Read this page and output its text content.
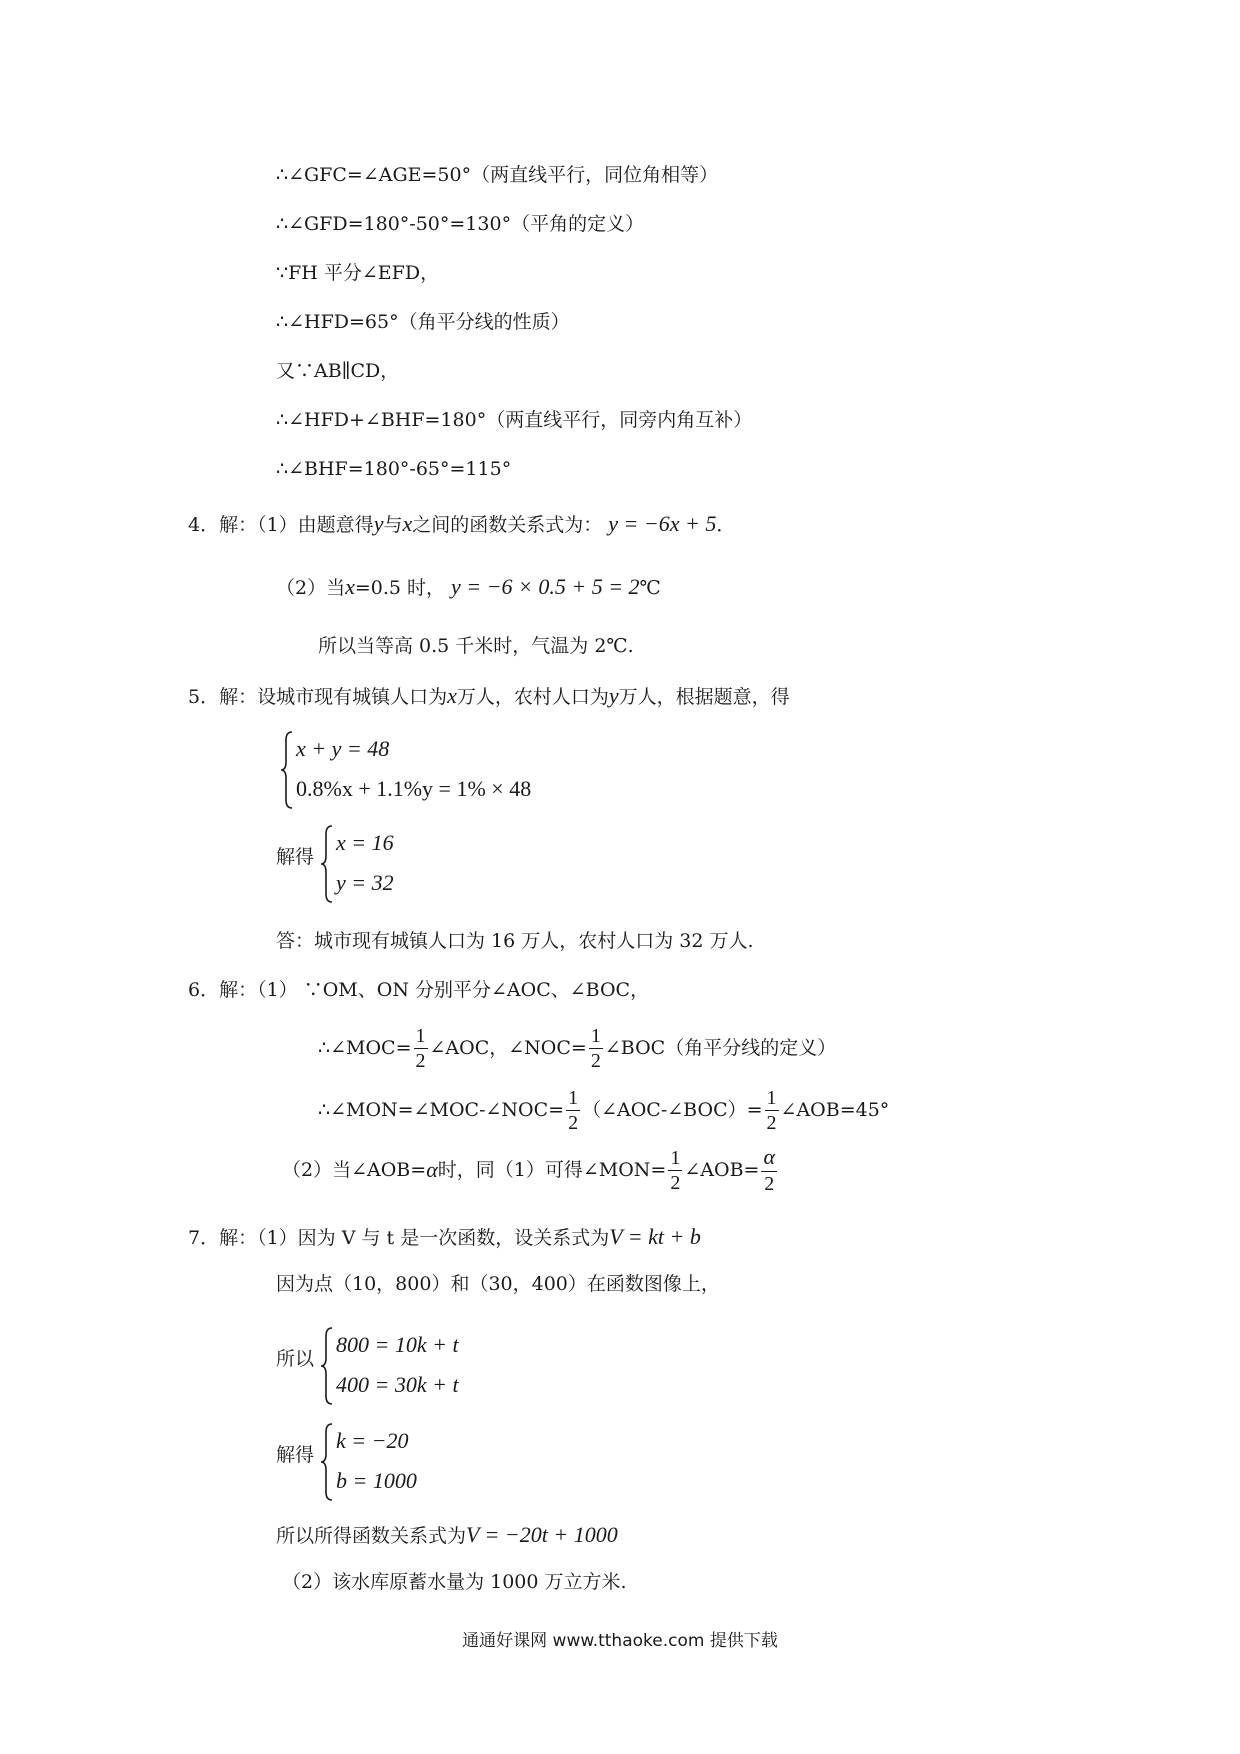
∴∠GFC=∠AGE=50°（两直线平行，同位角相等）
∴∠GFD=180°-50°=130°（平角的定义）
∵FH 平分∠EFD，
∴∠HFD=65°（角平分线的性质）
又∵AB∥CD，
∴∠HFD+∠BHF=180°（两直线平行，同旁内角互补）
∴∠BHF=180°-65°=115°
4．解：（1）由题意得y与x之间的函数关系式为： y = −6x + 5．
（2）当x=0.5 时， y = −6 × 0.5 + 5 = 2℃
所以当等高 0.5 千米时，气温为 2℃.
5．解：设城市现有城镇人口为x万人，农村人口为y万人，根据题意，得
x + y = 48
0.8%x + 1.1%y = 1% × 48
解得
x = 16
y = 32
答：城市现有城镇人口为 16 万人，农村人口为 32 万人.
6．解：（1） ∵OM、ON 分别平分∠AOC、∠BOC，
∴∠MOC= $\frac{1}{2}$ ∠AOC，∠NOC= $\frac{1}{2}$ ∠BOC（角平分线的定义）
∴∠MON=∠MOC-∠NOC= $\frac{1}{2}$ （∠AOC-∠BOC）= $\frac{1}{2}$ ∠AOB=45°
（2）当∠AOB= α 时，同（1）可得∠MON= $\frac{1}{2}$ ∠AOB= $\frac{\alpha}{2}$
7．解：（1）因为 V 与 t 是一次函数，设关系式为V = kt + b
因为点（10，800）和（30，400）在函数图像上，
所以
800 = 10k + t
400 = 30k + t
解得
k = −20
b = 1000
所以所得函数关系式为V = −20t + 1000
（2）该水库原蓄水量为 1000 万立方米.
通通好课网 www.tthaoke.com 提供下载
